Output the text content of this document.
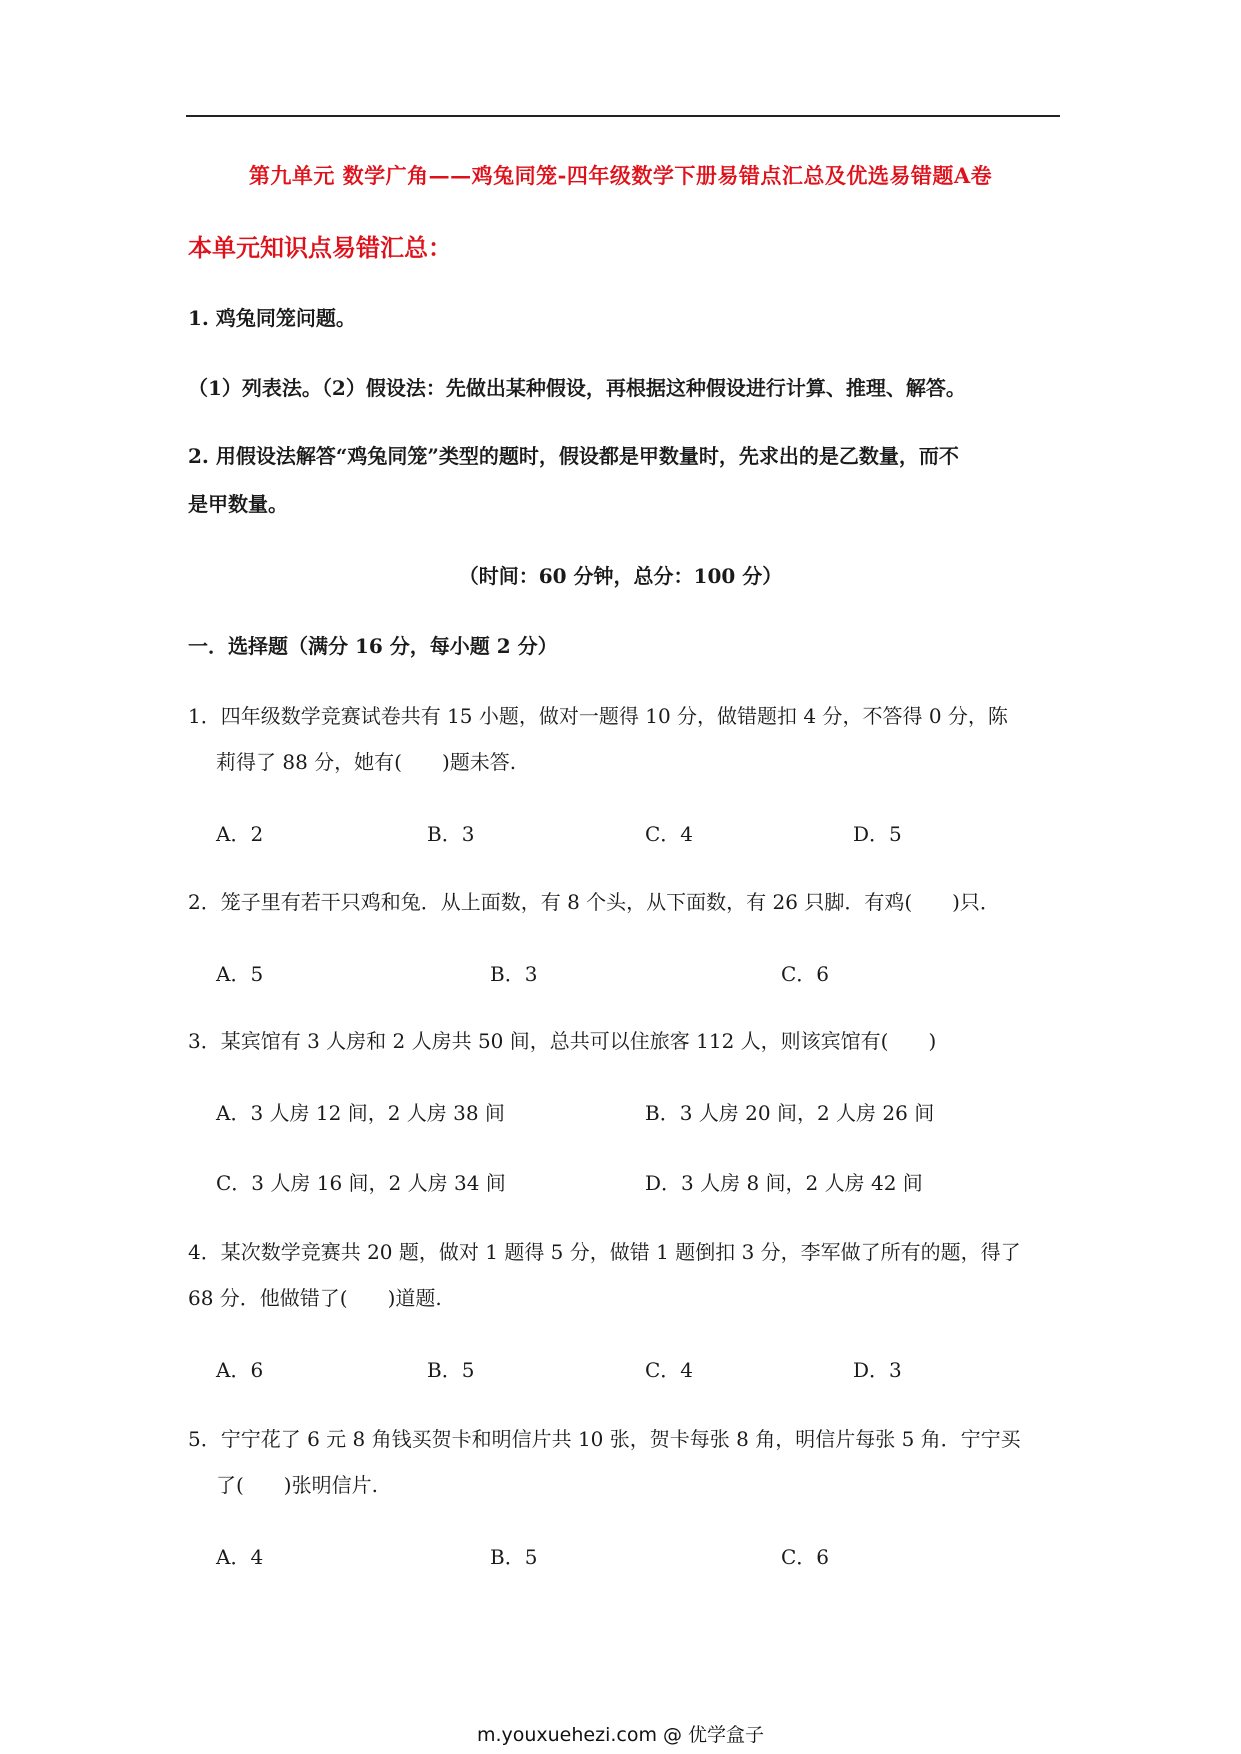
第九单元 数学广角——鸡兔同笼-四年级数学下册易错点汇总及优选易错题A卷
本单元知识点易错汇总：
1. 鸡兔同笼问题。
（1）列表法。（2）假设法：先做出某种假设，再根据这种假设进行计算、推理、解答。
2. 用假设法解答“鸡兔同笼”类型的题时，假设都是甲数量时，先求出的是乙数量，而不
是甲数量。
（时间：60 分钟，总分：100 分）
一．选择题（满分 16 分，每小题 2 分）
1．四年级数学竞赛试卷共有 15 小题，做对一题得 10 分，做错题扣 4 分，不答得 0 分，陈
莉得了 88 分，她有(　　)题未答.
A．2	B．3	C．4	D．5
2．笼子里有若干只鸡和兔．从上面数，有 8 个头，从下面数，有 26 只脚．有鸡(　　)只．
A．5	B．3	C．6
3．某宾馆有 3 人房和 2 人房共 50 间，总共可以住旅客 112 人，则该宾馆有(　　)
A．3 人房 12 间，2 人房 38 间	B．3 人房 20 间，2 人房 26 间
C．3 人房 16 间，2 人房 34 间	D．3 人房 8 间，2 人房 42 间
4．某次数学竞赛共 20 题，做对 1 题得 5 分，做错 1 题倒扣 3 分，李军做了所有的题，得了
68 分．他做错了(　　)道题.
A．6	B．5	C．4	D．3
5．宁宁花了 6 元 8 角钱买贺卡和明信片共 10 张，贺卡每张 8 角，明信片每张 5 角．宁宁买
了(　　)张明信片.
A．4	B．5	C．6
m.youxuehezi.com @ 优学盒子
